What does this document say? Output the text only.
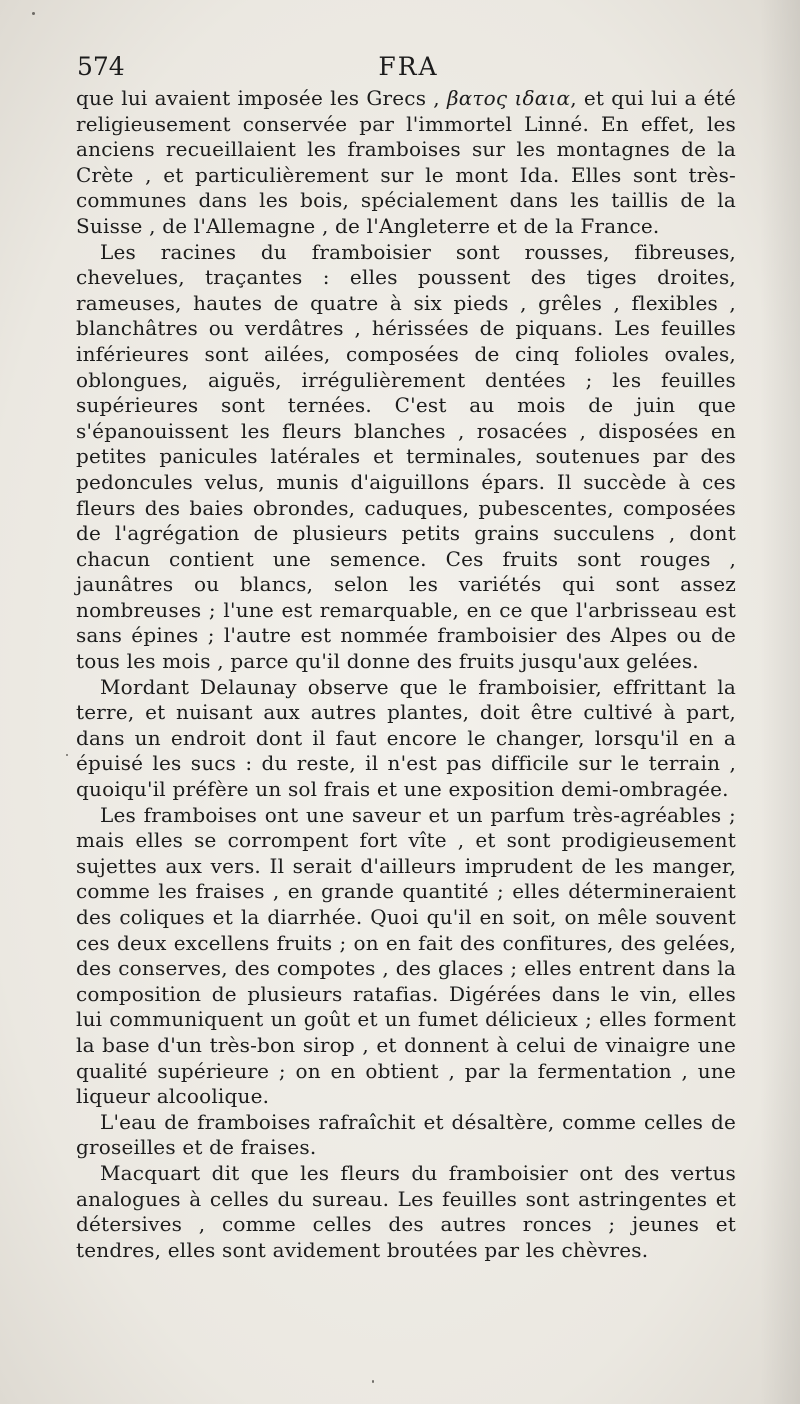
574	FRA

que lui avaient imposée les Grecs , βατος ιδαια, et qui lui a été religieusement conservée par l'immortel Linné. En effet, les anciens recueillaient les framboises sur les montagnes de la Crète , et particulièrement sur le mont Ida. Elles sont très-communes dans les bois, spécialement dans les taillis de la Suisse , de l'Allemagne , de l'Angleterre et de la France.

Les racines du framboisier sont rousses, fibreuses, chevelues, traçantes : elles poussent des tiges droites, rameuses, hautes de quatre à six pieds , grêles , flexibles , blanchâtres ou verdâtres , hérissées de piquans. Les feuilles inférieures sont ailées, composées de cinq folioles ovales, oblongues, aiguës, irrégulièrement dentées ; les feuilles supérieures sont ternées. C'est au mois de juin que s'épanouissent les fleurs blanches , rosacées , disposées en petites panicules latérales et terminales, soutenues par des pedoncules velus, munis d'aiguillons épars. Il succède à ces fleurs des baies obrondes, caduques, pubescentes, composées de l'agrégation de plusieurs petits grains succulens , dont chacun contient une semence. Ces fruits sont rouges , jaunâtres ou blancs, selon les variétés qui sont assez nombreuses ; l'une est remarquable, en ce que l'arbrisseau est sans épines ; l'autre est nommée framboisier des Alpes ou de tous les mois , parce qu'il donne des fruits jusqu'aux gelées.

Mordant Delaunay observe que le framboisier, effrittant la terre, et nuisant aux autres plantes, doit être cultivé à part, dans un endroit dont il faut encore le changer, lorsqu'il en a épuisé les sucs : du reste, il n'est pas difficile sur le terrain , quoiqu'il préfère un sol frais et une exposition demi-ombragée.

Les framboises ont une saveur et un parfum très-agréables ; mais elles se corrompent fort vîte , et sont prodigieusement sujettes aux vers. Il serait d'ailleurs imprudent de les manger, comme les fraises , en grande quantité ; elles détermineraient des coliques et la diarrhée. Quoi qu'il en soit, on mêle souvent ces deux excellens fruits ; on en fait des confitures, des gelées, des conserves, des compotes , des glaces ; elles entrent dans la composition de plusieurs ratafias. Digérées dans le vin, elles lui communiquent un goût et un fumet délicieux ; elles forment la base d'un très-bon sirop , et donnent à celui de vinaigre une qualité supérieure ; on en obtient , par la fermentation , une liqueur alcoolique.

L'eau de framboises rafraîchit et désaltère, comme celles de groseilles et de fraises.

Macquart dit que les fleurs du framboisier ont des vertus analogues à celles du sureau. Les feuilles sont astringentes et détersives , comme celles des autres ronces ; jeunes et tendres, elles sont avidement broutées par les chèvres.
